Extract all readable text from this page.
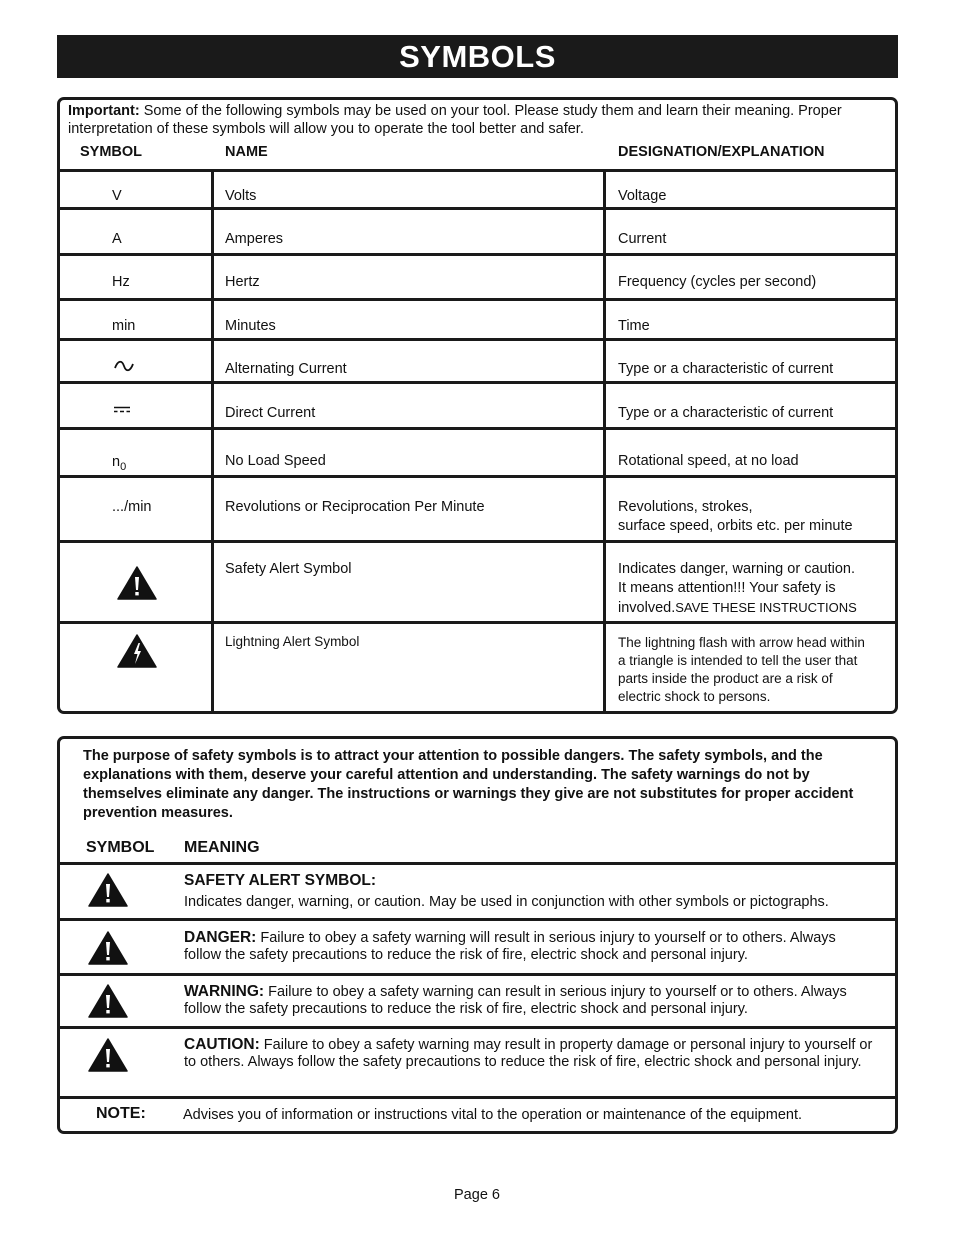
SYMBOLS
Important: Some of the following symbols may be used on your tool. Please study them and learn their meaning. Proper interpretation of these symbols will allow you to operate the tool better and safer.
SYMBOL	NAME	DESIGNATION/EXPLANATION
V	Volts	Voltage
A	Amperes	Current
Hz	Hertz	Frequency (cycles per second)
min	Minutes	Time
Alternating Current	Type or a characteristic of current
Direct Current	Type or a characteristic of current
$n_0$	No Load Speed	Rotational speed, at no load
.../min	Revolutions or Reciprocation Per Minute	Revolutions, strokes,
surface speed, orbits etc. per minute
Safety Alert Symbol	Indicates danger, warning or caution.
It means attention!!! Your safety is
involved.SAVE THESE INSTRUCTIONS
Lightning Alert Symbol	The lightning flash with arrow head within
a triangle is intended to tell the user that
parts inside the product are a risk of
electric shock to persons.
The purpose of safety symbols is to attract your attention to possible dangers. The safety symbols, and the explanations with them, deserve your careful attention and understanding. The safety warnings do not by themselves eliminate any danger. The instructions or warnings they give are not substitutes for proper accident prevention measures.
SYMBOL MEANING
SAFETY ALERT SYMBOL:
Indicates danger, warning, or caution. May be used in conjunction with other symbols or pictographs.
DANGER: Failure to obey a safety warning will result in serious injury to yourself or to others. Always follow the safety precautions to reduce the risk of fire, electric shock and personal injury.
WARNING: Failure to obey a safety warning can result in serious injury to yourself or to others. Always follow the safety precautions to reduce the risk of fire, electric shock and personal injury.
CAUTION: Failure to obey a safety warning may result in property damage or personal injury to yourself or to others. Always follow the safety precautions to reduce the risk of fire, electric shock and personal injury.
NOTE:	Advises you of information or instructions vital to the operation or maintenance of the equipment.
Page 6
